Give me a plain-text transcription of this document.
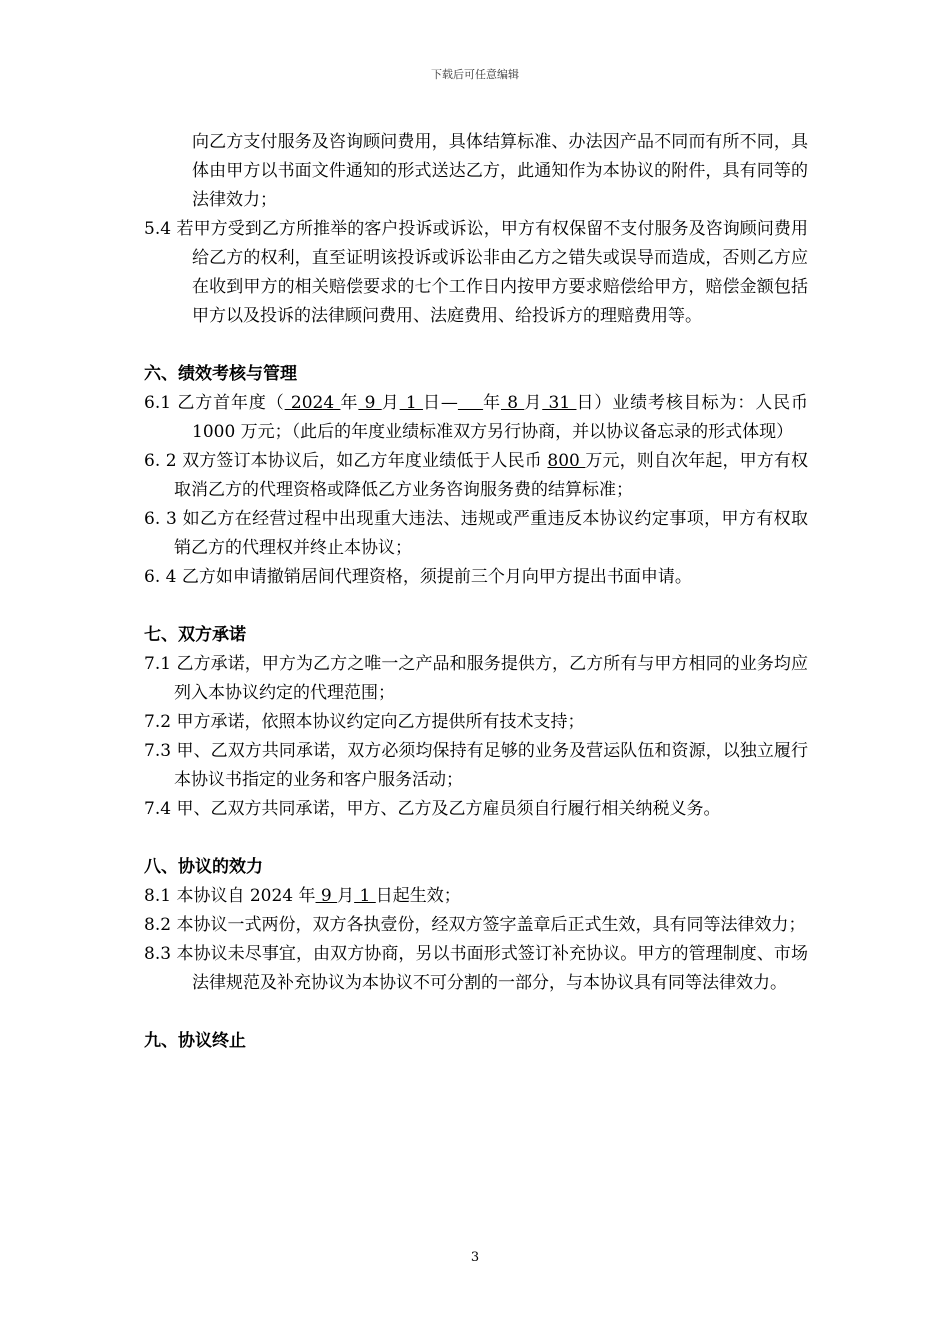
下载后可任意编辑

向乙方支付服务及咨询顾问费用，具体结算标准、办法因产品不同而有所不同，具体由甲方以书面文件通知的形式送达乙方，此通知作为本协议的附件，具有同等的法律效力；

5.4 若甲方受到乙方所推举的客户投诉或诉讼，甲方有权保留不支付服务及咨询顾问费用给乙方的权利，直至证明该投诉或诉讼非由乙方之错失或误导而造成，否则乙方应在收到甲方的相关赔偿要求的七个工作日内按甲方要求赔偿给甲方，赔偿金额包括甲方以及投诉的法律顾问费用、法庭费用、给投诉方的理赔费用等。

六、绩效考核与管理

6.1 乙方首年度（ 2024 年 9 月 1 日— 年 8 月 31 日）业绩考核目标为：人民币 1000 万元；（此后的年度业绩标准双方另行协商，并以协议备忘录的形式体现）

6. 2 双方签订本协议后，如乙方年度业绩低于人民币 800 万元，则自次年起，甲方有权取消乙方的代理资格或降低乙方业务咨询服务费的结算标准；

6. 3 如乙方在经营过程中出现重大违法、违规或严重违反本协议约定事项，甲方有权取销乙方的代理权并终止本协议；

6. 4 乙方如申请撤销居间代理资格，须提前三个月向甲方提出书面申请。

七、双方承诺

7.1 乙方承诺，甲方为乙方之唯一之产品和服务提供方，乙方所有与甲方相同的业务均应列入本协议约定的代理范围；

7.2 甲方承诺，依照本协议约定向乙方提供所有技术支持；

7.3 甲、乙双方共同承诺，双方必须均保持有足够的业务及营运队伍和资源，以独立履行本协议书指定的业务和客户服务活动；

7.4 甲、乙双方共同承诺，甲方、乙方及乙方雇员须自行履行相关纳税义务。

八、协议的效力

8.1 本协议自 2024 年 9 月 1 日起生效；

8.2 本协议一式两份，双方各执壹份，经双方签字盖章后正式生效，具有同等法律效力；

8.3 本协议未尽事宜，由双方协商，另以书面形式签订补充协议。甲方的管理制度、市场法律规范及补充协议为本协议不可分割的一部分，与本协议具有同等法律效力。

九、协议终止

3
